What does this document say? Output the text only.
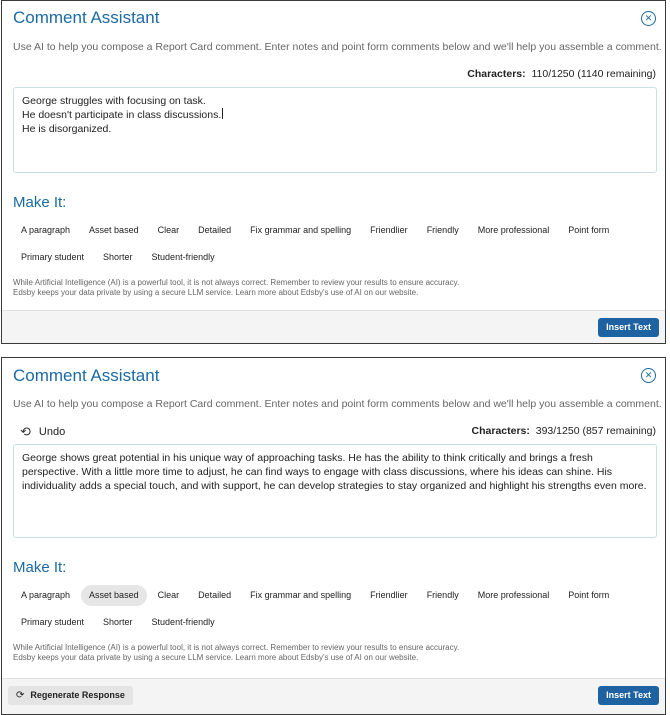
Comment Assistant	✕
Use AI to help you compose a Report Card comment. Enter notes and point form comments below and we'll help you assemble a comment.
Characters: 110/1250 (1140 remaining)
George struggles with focusing on task.
He doesn't participate in class discussions.
He is disorganized.
Make It:
A paragraph	Asset based	Clear	Detailed	Fix grammar and spelling	Friendlier	Friendly	More professional	Point form
Primary student	Shorter	Student-friendly
While Artificial Intelligence (AI) is a powerful tool, it is not always correct. Remember to review your results to ensure accuracy.
Edsby keeps your data private by using a secure LLM service. Learn more about Edsby's use of AI on our website.
Insert Text
Comment Assistant	✕
Use AI to help you compose a Report Card comment. Enter notes and point form comments below and we'll help you assemble a comment.
⟲ Undo	Characters: 393/1250 (857 remaining)
George shows great potential in his unique way of approaching tasks. He has the ability to think critically and brings a fresh perspective. With a little more time to adjust, he can find ways to engage with class discussions, where his ideas can shine. His individuality adds a special touch, and with support, he can develop strategies to stay organized and highlight his strengths even more.
Make It:
A paragraph	Asset based	Clear	Detailed	Fix grammar and spelling	Friendlier	Friendly	More professional	Point form
Primary student	Shorter	Student-friendly
While Artificial Intelligence (AI) is a powerful tool, it is not always correct. Remember to review your results to ensure accuracy.
Edsby keeps your data private by using a secure LLM service. Learn more about Edsby's use of AI on our website.
⟳ Regenerate Response	Insert Text
